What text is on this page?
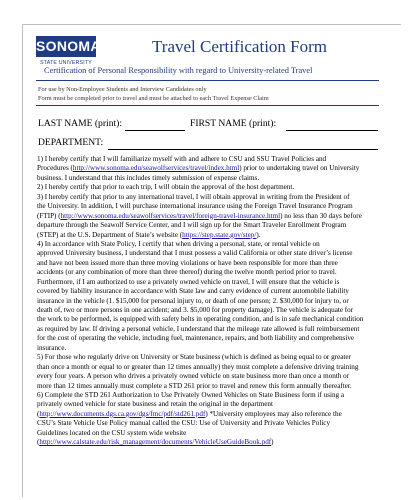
SONOMA
STATE UNIVERSITY
Travel Certification Form
Certification of Personal Responsibility with regard to University-related Travel
For use by Non-Employee Students and Interview Candidates only
Form must be completed prior to travel and must be attached to each Travel Expense Claim
LAST NAME (print):	FIRST NAME (print):
DEPARTMENT:
1) I hereby certify that I will familiarize myself with and adhere to CSU and SSU Travel Policies and
Procedures (http://www.sonoma.edu/seawolfservices/travel/index.html) prior to undertaking travel on University
business. I understand that this includes timely submission of expense claims.
2) I hereby certify that prior to each trip, I will obtain the approval of the host department.
3) I hereby certify that prior to any international travel, I will obtain approval in writing from the President of
the University. In addition, I will purchase international insurance using the Foreign Travel Insurance Program
(FTIP) (http://www.sonoma.edu/seawolfservices/travel/foreign-travel-insurance.html) no less than 30 days before
departure through the Seawolf Service Center, and I will sign up for the Smart Traveler Enrollment Program
(STEP) at the U.S. Department of State’s website (https://step.state.gov/step/).
4) In accordance with State Policy, I certify that when driving a personal, state, or rental vehicle on
approved University business, I understand that I must possess a valid California or other state driver’s license
and have not been issued more than three moving violations or have been responsible for more than three
accidents (or any combination of more than three thereof) during the twelve month period prior to travel.
Furthermore, if I am authorized to use a privately owned vehicle on travel, I will ensure that the vehicle is
covered by liability insurance in accordance with State law and carry evidence of current automobile liability
insurance in the vehicle (1. $15,000 for personal injury to, or death of one person; 2. $30,000 for injury to, or
death of, two or more persons in one accident; and 3. $5,000 for property damage). The vehicle is adequate for
the work to be performed, is equipped with safety belts in operating condition, and is in safe mechanical condition
as required by law. If driving a personal vehicle, I understand that the mileage rate allowed is full reimbursement
for the cost of operating the vehicle, including fuel, maintenance, repairs, and both liability and comprehensive
insurance.
5) For those who regularly drive on University or State business (which is defined as being equal to or greater
than once a month or equal to or greater than 12 times annually) they must complete a defensive driving training
every four years. A person who drives a privately owned vehicle on state business more than once a month or
more than 12 times annually must complete a STD 261 prior to travel and renew this form annually thereafter.
6) Complete the STD 261 Authorization to Use Privately Owned Vehicles on State Business form if using a
privately owned vehicle for state business and retain the original in the department
(http://www.documents.dgs.ca.gov/dgs/fmc/pdf/std261.pdf) *University employees may also reference the
CSU’s State Vehicle Use Policy manual called the CSU: Use of University and Private Vehicles Policy
Guidelines located on the CSU system wide website
(http://www.calstate.edu/risk_management/documents/VehicleUseGuideBook.pdf)
